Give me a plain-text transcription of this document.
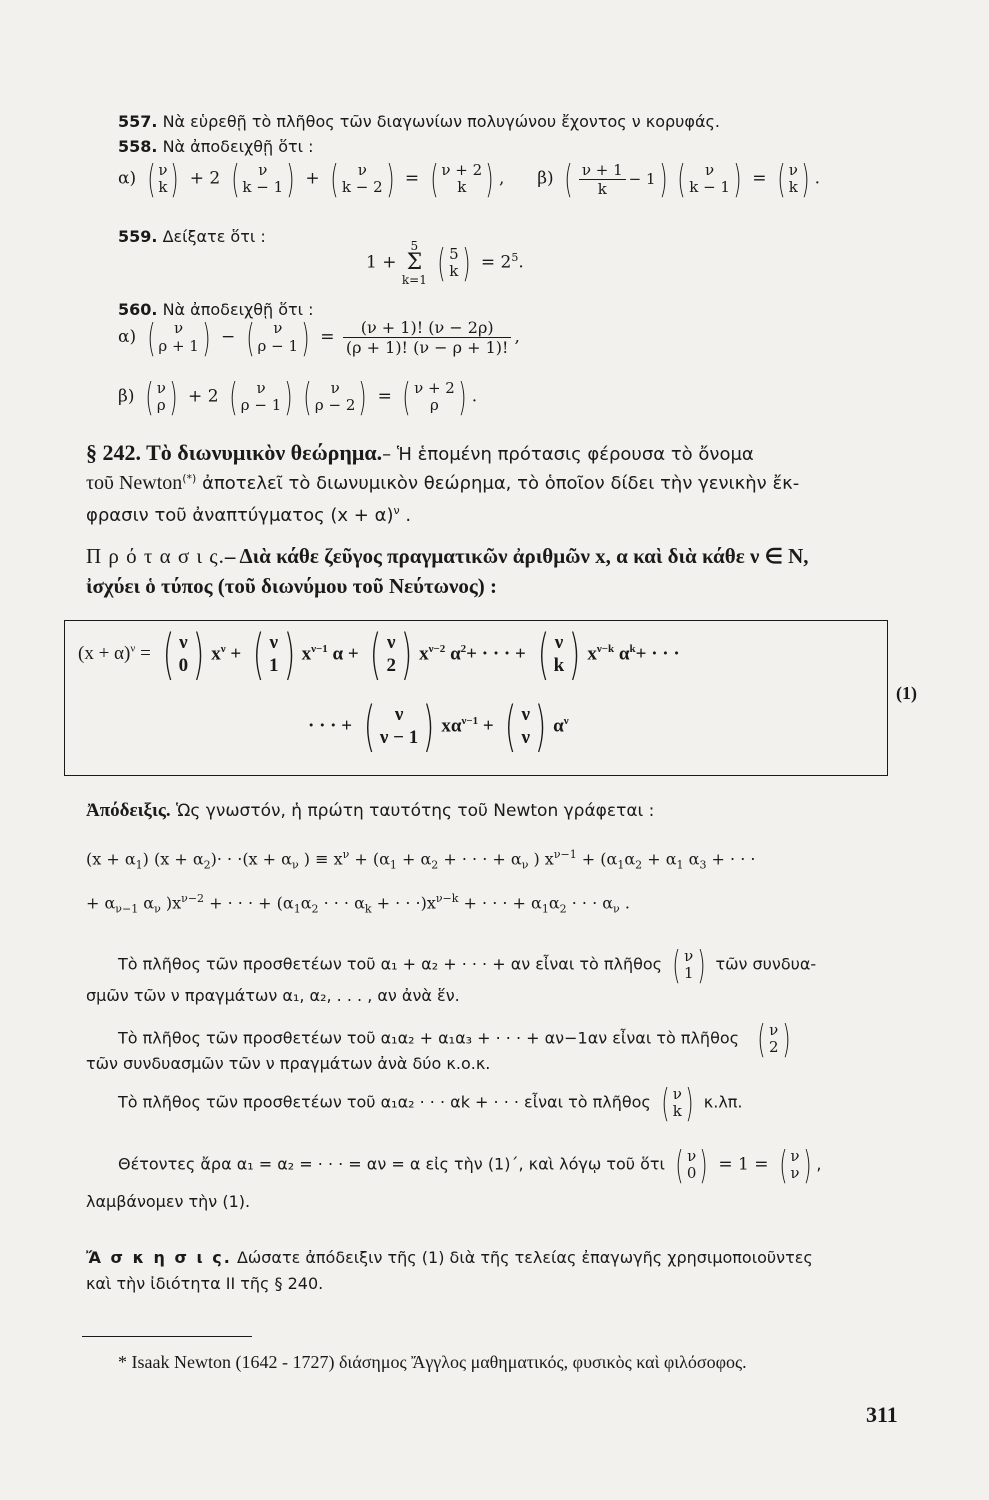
557. Νὰ εὑρεθῇ τὸ πλῆθος τῶν διαγωνίων πολυγώνου ἔχοντος ν κορυφάς.
558. Νὰ ἀποδειχθῇ ὅτι :
α) ( ν
k ) + 2 ( ν
k − 1 ) + ( ν
k − 2 ) = ( ν + 2
k ) ,  β) ( $\frac{\nu + 1}{k} - 1$ ) ( ν
k − 1 ) = ( ν
k ) .
559. Δείξατε ὅτι :
1 +
5
Σ
k=1
( 5
k ) = $2^5$.
560. Νὰ ἀποδειχθῇ ὅτι :
α) ( ν
ρ + 1 ) − ( ν
ρ − 1 ) = $\frac{(\nu + 1)! (\nu - 2\rho)}{(\rho + 1)! (\nu - \rho + 1)!}$ ,
β) ( ν
ρ ) + 2 ( ν
ρ − 1 ) ( ν
ρ − 2 ) = ( ν + 2
ρ ) .
§ 242. Τὸ διωνυμικὸν θεώρημα.– Ἡ ἑπομένη πρότασις φέρουσα τὸ ὄνομα
τοῦ Newton(*) ἀποτελεῖ τὸ διωνυμικὸν θεώρημα, τὸ ὁποῖον δίδει τὴν γενικὴν ἔκ-
φρασιν τοῦ ἀναπτύγματος $(x + \alpha)^\nu$ .
Π ρ ό τ α σ ι ς.– Διὰ κάθε ζεῦγος πραγματικῶν ἀριθμῶν x, α καὶ διὰ κάθε ν ∈ N,
ἰσχύει ὁ τύπος (τοῦ διωνύμου τοῦ Νεύτωνος) :
$(x + \alpha)^\nu$ = ( ν
0 ) $x^\nu$ + ( ν
1 ) $x^{\nu-1}$ α + ( ν
2 ) $x^{\nu-2}$ $\alpha^2+$ · · · + ( ν
k ) $x^{\nu-k}$ $\alpha^k+$ · · ·
· · · + ( ν
ν − 1 ) $x\alpha^{\nu-1}$ + ( ν
ν ) $\alpha^\nu$
(1)
Ἀπόδειξις. Ὡς γνωστόν, ἡ πρώτη ταυτότης τοῦ Newton γράφεται :
$(x + \alpha_1)$ $(x + \alpha_2)\cdot \cdot \cdot(x + \alpha_\nu$ ) ≡ $x^\nu + (\alpha_1 + \alpha_2$ + · · · + $\alpha_\nu$ ) $x^{\nu-1} + (\alpha_1\alpha_2 + \alpha_1$ $\alpha_3$ + · · ·
+ $\alpha_{\nu-1}$ $\alpha_\nu$ )$x^{\nu-2}$ + · · · + ($\alpha_1\alpha_2$ · · · $\alpha_k$ + · · $\cdot)x^{\nu-k}$ + · · · + $\alpha_1\alpha_2$ · · · $\alpha_\nu$ .
Τὸ πλῆθος τῶν προσθετέων τοῦ α₁ + α₂ + · · · + αν εἶναι τὸ πλῆθος ( ν
1 ) τῶν συνδυα-
σμῶν τῶν ν πραγμάτων α₁, α₂, . . . , αν ἀνὰ ἕν.
Τὸ πλῆθος τῶν προσθετέων τοῦ α₁α₂ + α₁α₃ + · · · + αν−1αν εἶναι τὸ πλῆθος ( ν
2 )
τῶν συνδυασμῶν τῶν ν πραγμάτων ἀνὰ δύο κ.ο.κ.
Τὸ πλῆθος τῶν προσθετέων τοῦ α₁α₂ · · · αk + · · · εἶναι τὸ πλῆθος ( ν
k ) κ.λπ.
Θέτοντες ἄρα α₁ = α₂ = · · · = αν = α εἰς τὴν (1)΄, καὶ λόγῳ τοῦ ὅτι ( ν
0 ) = 1 = ( ν
ν ) ,
λαμβάνομεν τὴν (1).
Ἄ σ κ η σ ι ς. Δώσατε ἀπόδειξιν τῆς (1) διὰ τῆς τελείας ἐπαγωγῆς χρησιμοποιοῦντες
καὶ τὴν ἰδιότητα II τῆς § 240.
* Isaak Newton (1642 - 1727) διάσημος Ἄγγλος μαθηματικός, φυσικὸς καὶ φιλόσοφος.
311
